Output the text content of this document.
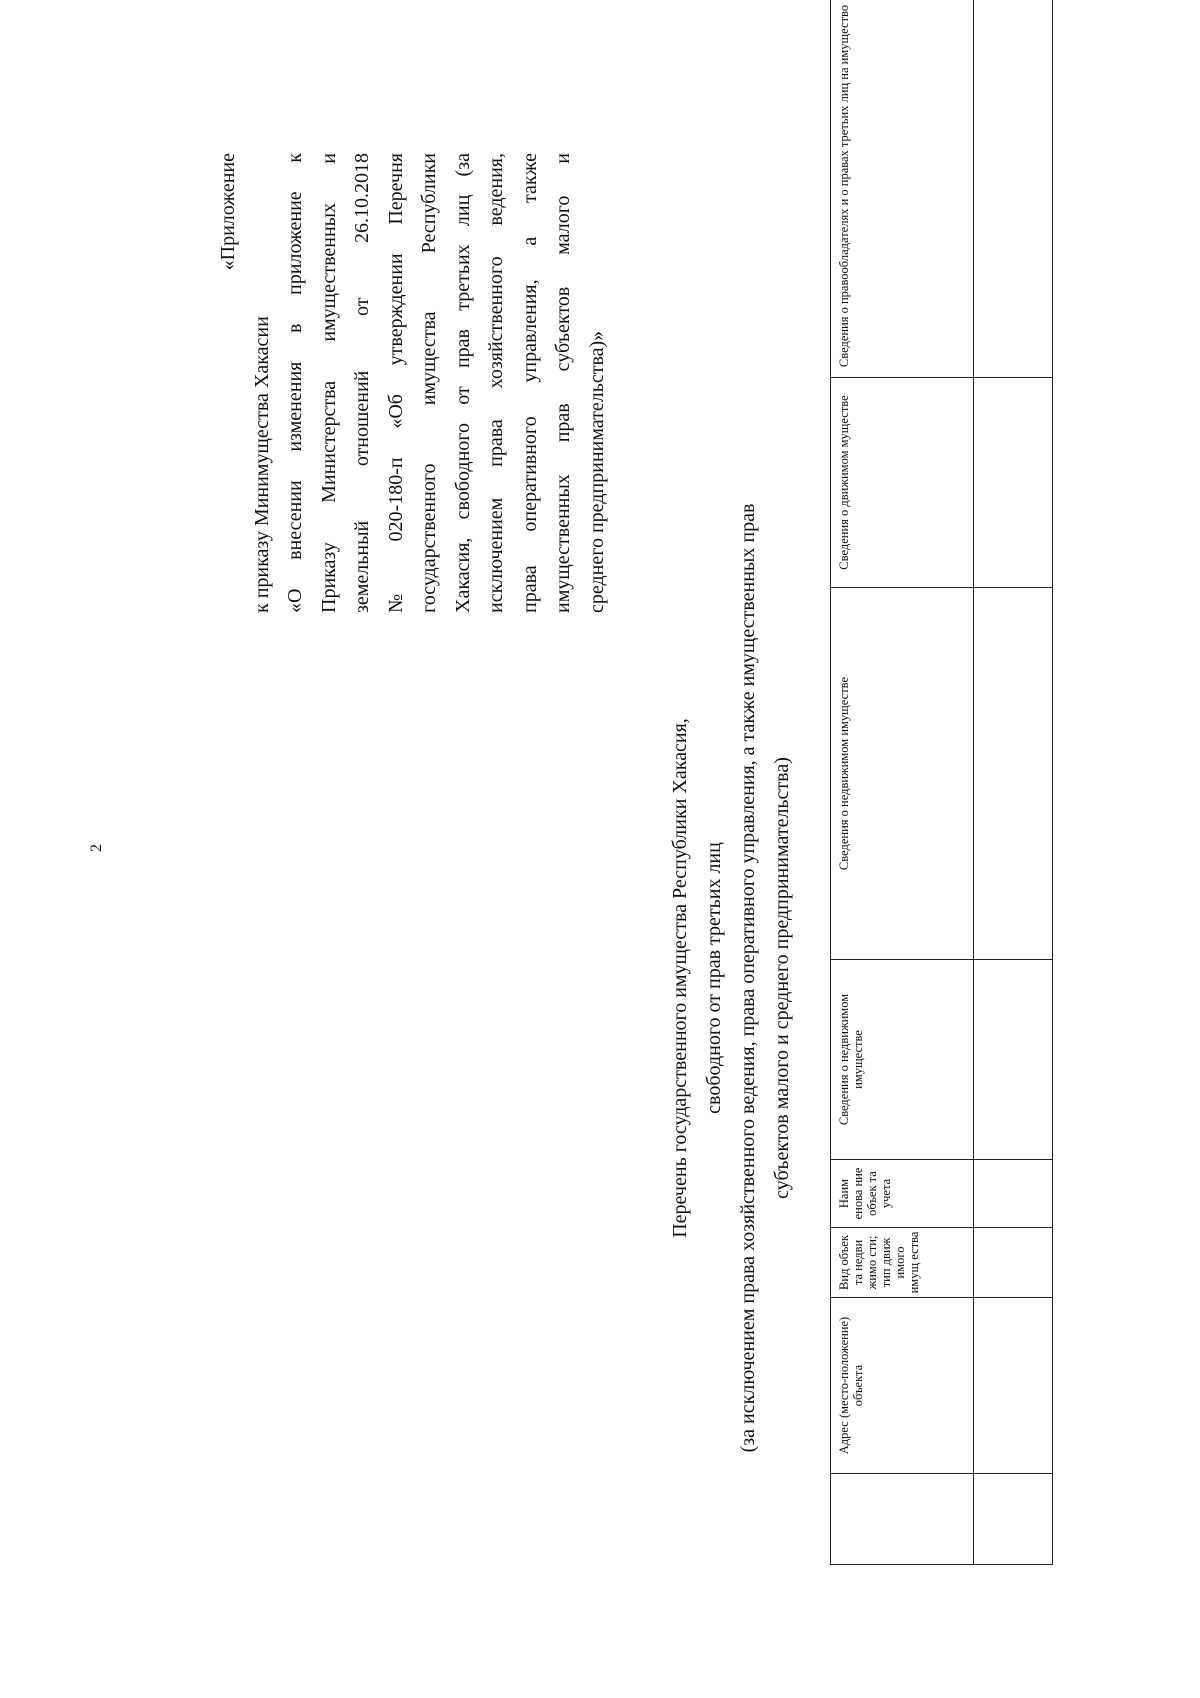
2
«Приложение
к приказу Минимущества Хакасии «О внесении изменения в приложение к Приказу Министерства имущественных и земельный отношений от 26.10.2018 № 020-180-п «Об утверждении Перечня государственного имущества Республики Хакасия, свободного от прав третьих лиц (за исключением права хозяйственного ведения, права оперативного управления, а также имущественных прав субъектов малого и среднего предпринимательства)»
Перечень государственного имущества Республики Хакасия, свободного от прав третьих лиц (за исключением права хозяйственного ведения, права оперативного управления, а также имущественных прав субъектов малого и среднего предпринимательства)
	Адрес (место-положение) объекта	Вид объек та недви жимо сти; тип движ имого имущ ества	Наим енова ние объек та учета	Сведения о недвижимом имуществе	Сведения о недвижимом имуществе	Сведения о движимом муществе	Сведения о правообладателях и о правах третьих лиц на имущество
